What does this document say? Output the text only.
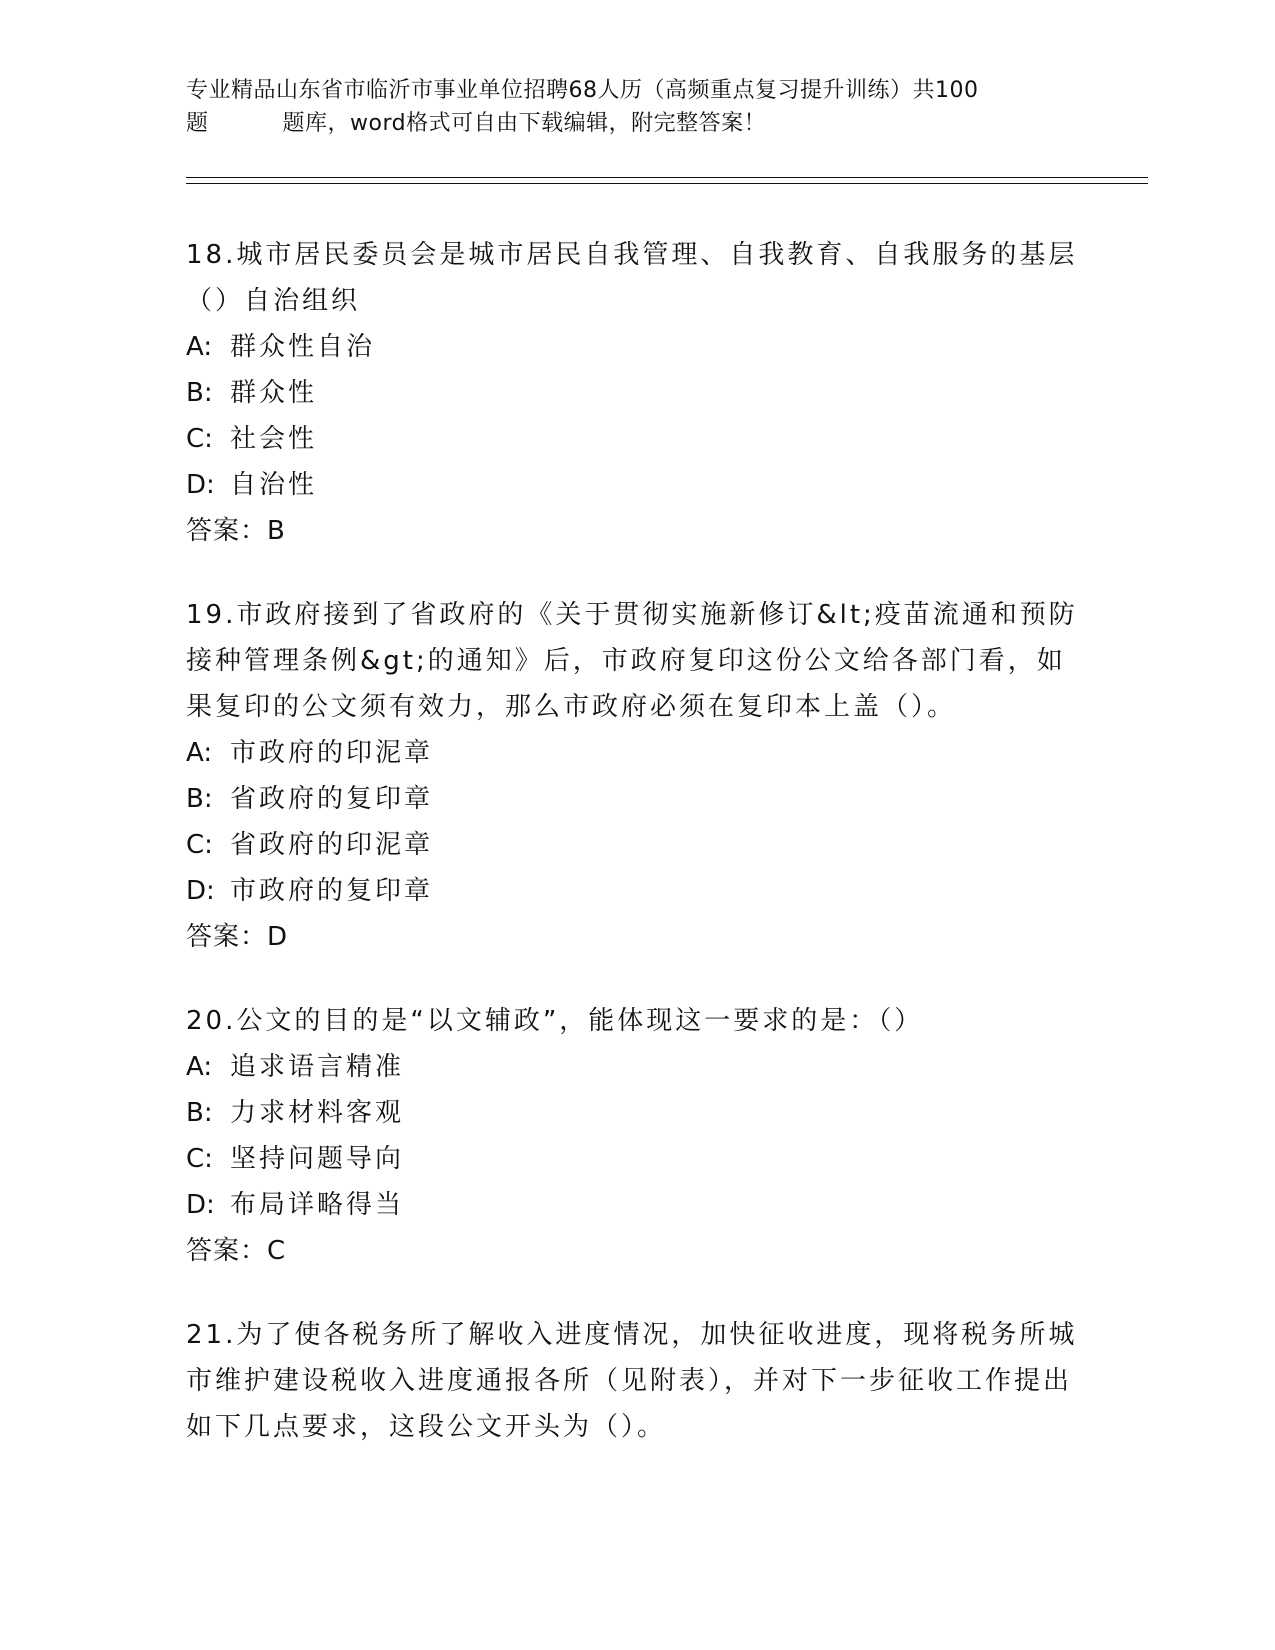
专业精品山东省市临沂市事业单位招聘68人历（高频重点复习提升训练）共100
题	题库，word格式可自由下载编辑，附完整答案！
18.城市居民委员会是城市居民自我管理、自我教育、自我服务的基层（）自治组织
A: 群众性自治
B: 群众性
C: 社会性
D: 自治性
答案：B
19.市政府接到了省政府的《关于贯彻实施新修订&lt;疫苗流通和预防接种管理条例&gt;的通知》后，市政府复印这份公文给各部门看，如果复印的公文须有效力，那么市政府必须在复印本上盖（）。
A: 市政府的印泥章
B: 省政府的复印章
C: 省政府的印泥章
D: 市政府的复印章
答案：D
20.公文的目的是“以文辅政”，能体现这一要求的是：（）
A: 追求语言精准
B: 力求材料客观
C: 坚持问题导向
D: 布局详略得当
答案：C
21.为了使各税务所了解收入进度情况，加快征收进度，现将税务所城市维护建设税收入进度通报各所（见附表），并对下一步征收工作提出如下几点要求，这段公文开头为（）。
